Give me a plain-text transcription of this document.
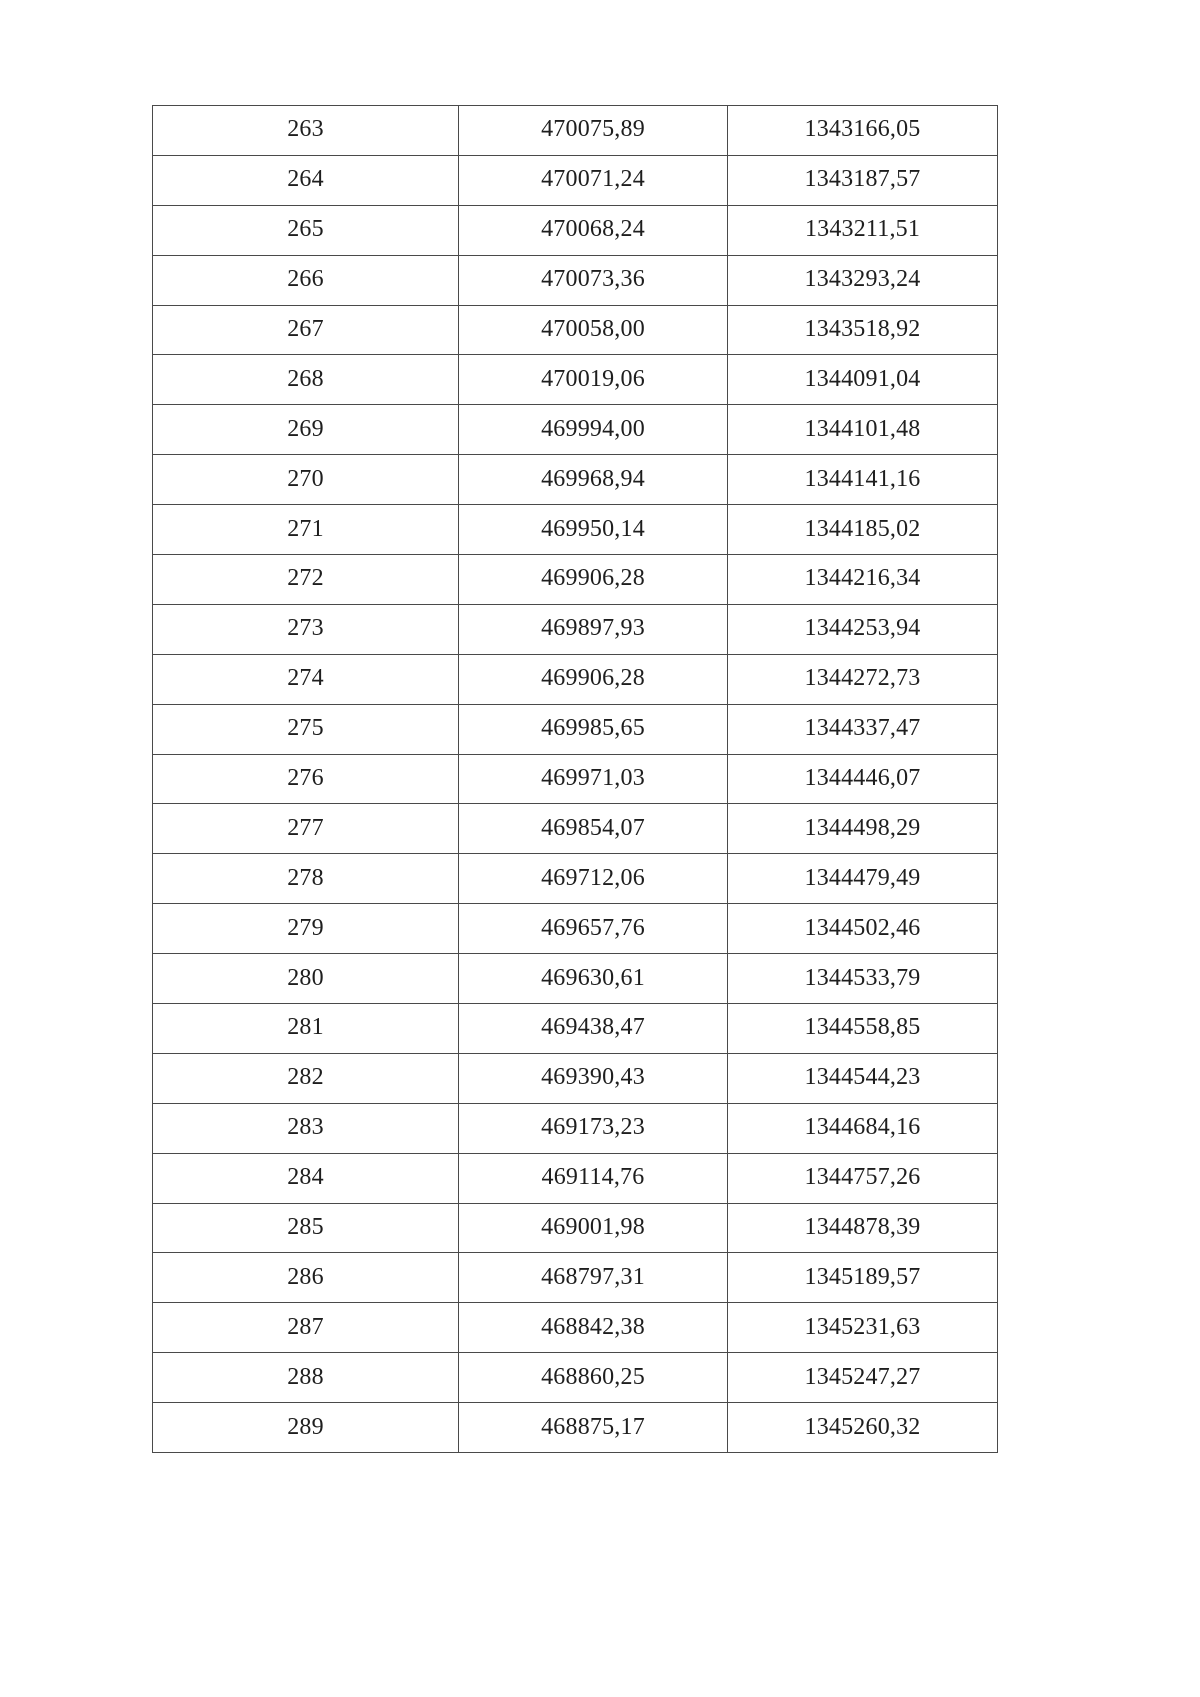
263	470075,89	1343166,05
264	470071,24	1343187,57
265	470068,24	1343211,51
266	470073,36	1343293,24
267	470058,00	1343518,92
268	470019,06	1344091,04
269	469994,00	1344101,48
270	469968,94	1344141,16
271	469950,14	1344185,02
272	469906,28	1344216,34
273	469897,93	1344253,94
274	469906,28	1344272,73
275	469985,65	1344337,47
276	469971,03	1344446,07
277	469854,07	1344498,29
278	469712,06	1344479,49
279	469657,76	1344502,46
280	469630,61	1344533,79
281	469438,47	1344558,85
282	469390,43	1344544,23
283	469173,23	1344684,16
284	469114,76	1344757,26
285	469001,98	1344878,39
286	468797,31	1345189,57
287	468842,38	1345231,63
288	468860,25	1345247,27
289	468875,17	1345260,32
